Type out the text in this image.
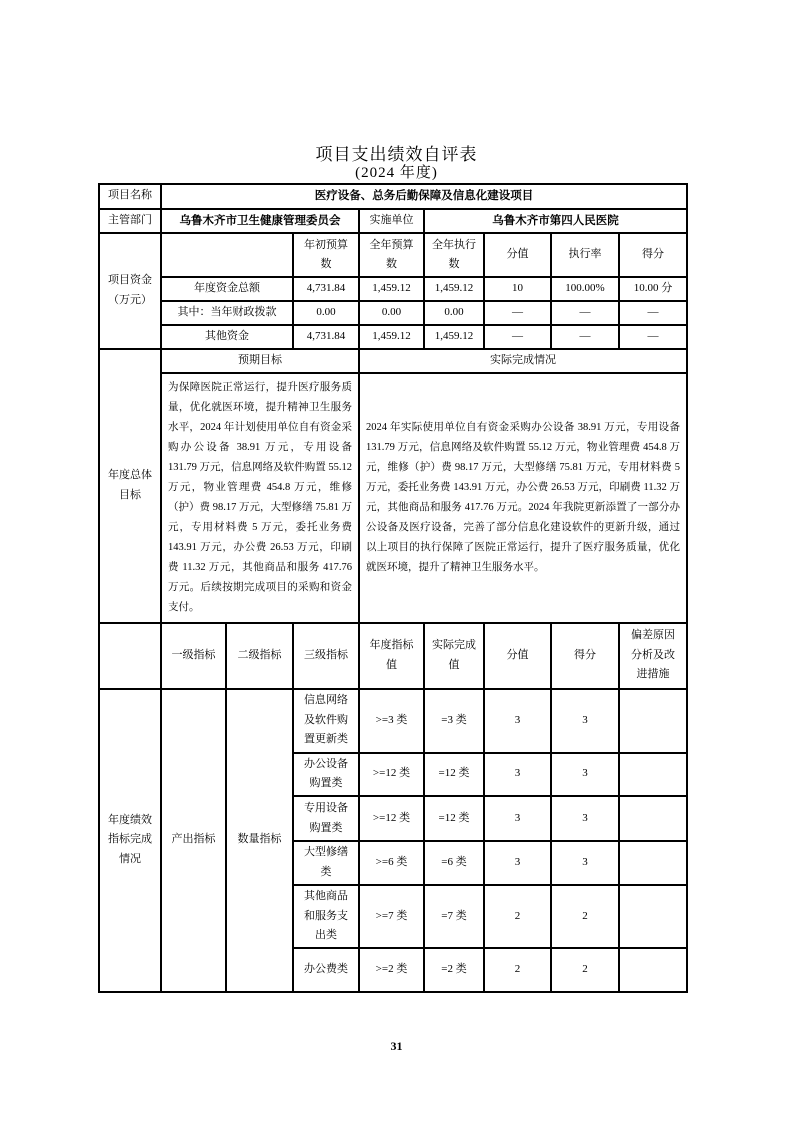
项目支出绩效自评表
(2024 年度)
项目名称	医疗设备、总务后勤保障及信息化建设项目							
主管部门	乌鲁木齐市卫生健康管理委员会			实施单位	乌鲁木齐市第四人民医院			
项目资金（万元）			年初预算数	全年预算数	全年执行数	分值	执行率	得分
	年度资金总额		4,731.84	1,459.12	1,459.12	10	100.00%	10.00 分
	其中：当年财政拨款		0.00	0.00	0.00	—	—	—
	其他资金		4,731.84	1,459.12	1,459.12	—	—	—
年度总体目标	预期目标			实际完成情况				
为保障医院正常运行，提升医疗服务质量，优化就医环境，提升精神卫生服务水平，2024 年计划使用单位自有资金采购办公设备 38.91 万元，专用设备 131.79 万元，信息网络及软件购置 55.12 万元，物业管理费 454.8 万元，维修（护）费 98.17 万元，大型修缮 75.81 万元，专用材料费 5 万元，委托业务费 143.91 万元，办公费 26.53 万元，印刷费 11.32 万元，其他商品和服务 417.76 万元。后续按期完成项目的采购和资金支付。	2024 年实际使用单位自有资金采购办公设备 38.91 万元，专用设备 131.79 万元，信息网络及软件购置 55.12 万元，物业管理费 454.8 万元，维修（护）费 98.17 万元，大型修缮 75.81 万元，专用材料费 5 万元，委托业务费 143.91 万元，办公费 26.53 万元，印刷费 11.32 万元，其他商品和服务 417.76 万元。2024 年我院更新添置了一部分办公设备及医疗设备，完善了部分信息化建设软件的更新升级，通过以上项目的执行保障了医院正常运行，提升了医疗服务质量，优化就医环境，提升了精神卫生服务水平。
	一级指标	二级指标	三级指标	年度指标值	实际完成值	分值	得分	偏差原因分析及改进措施
年度绩效指标完成情况	产出指标	数量指标	信息网络及软件购置更新类	>=3 类	=3 类	3	3	
			办公设备购置类	>=12 类	=12 类	3	3	
			专用设备购置类	>=12 类	=12 类	3	3	
			大型修缮类	>=6 类	=6 类	3	3	
			其他商品和服务支出类	>=7 类	=7 类	2	2	
			办公费类	>=2 类	=2 类	2	2	
31
